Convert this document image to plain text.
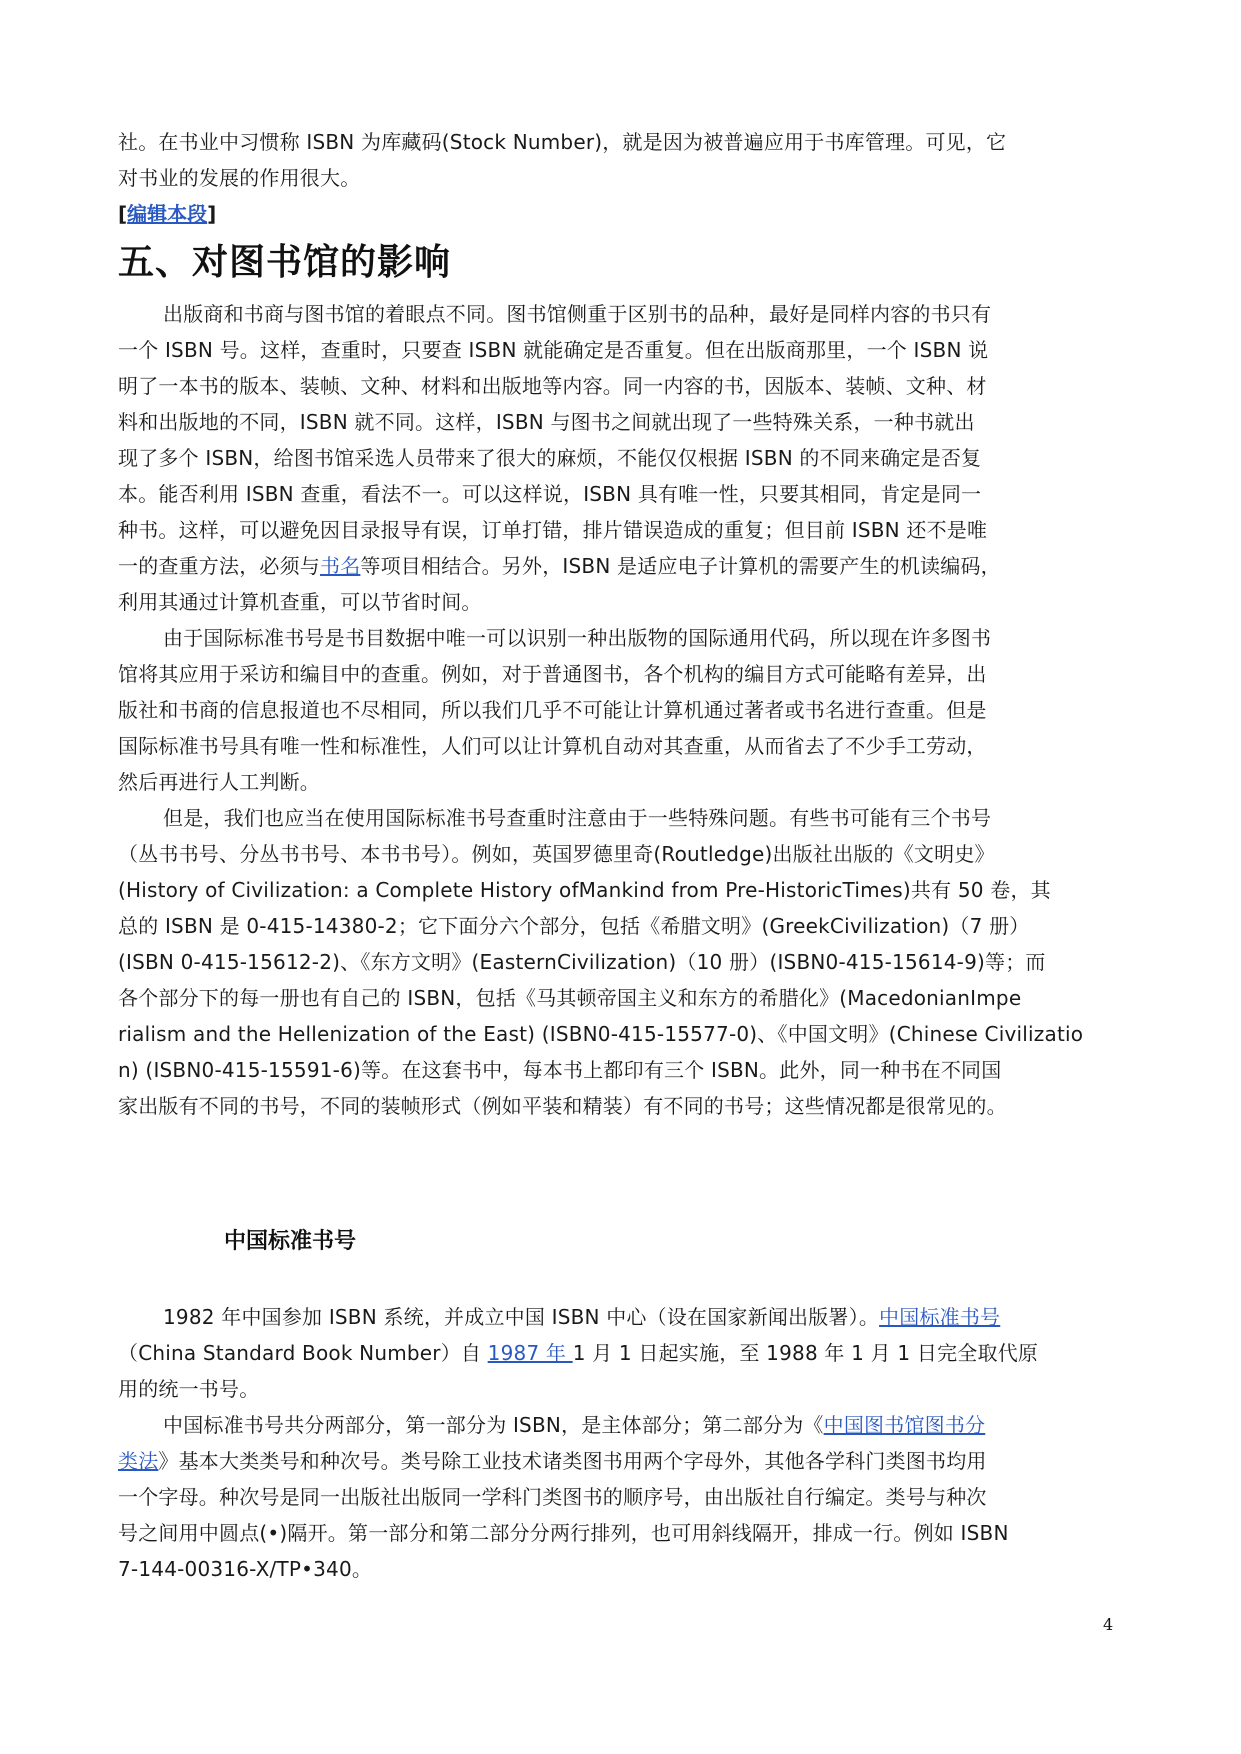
社。在书业中习惯称 ISBN 为库藏码(Stock Number)，就是因为被普遍应用于书库管理。可见，它

对书业的发展的作用很大。

[编辑本段]
五、对图书馆的影响

出版商和书商与图书馆的着眼点不同。图书馆侧重于区别书的品种，最好是同样内容的书只有

一个 ISBN 号。这样，查重时，只要查 ISBN 就能确定是否重复。但在出版商那里，一个 ISBN 说

明了一本书的版本、装帧、文种、材料和出版地等内容。同一内容的书，因版本、装帧、文种、材

料和出版地的不同，ISBN 就不同。这样，ISBN 与图书之间就出现了一些特殊关系，一种书就出

现了多个 ISBN，给图书馆采选人员带来了很大的麻烦，不能仅仅根据 ISBN 的不同来确定是否复

本。能否利用 ISBN 查重，看法不一。可以这样说，ISBN 具有唯一性，只要其相同，肯定是同一

种书。这样，可以避免因目录报导有误，订单打错，排片错误造成的重复；但目前 ISBN 还不是唯

一的查重方法，必须与书名等项目相结合。另外，ISBN 是适应电子计算机的需要产生的机读编码，

利用其通过计算机查重，可以节省时间。

由于国际标准书号是书目数据中唯一可以识别一种出版物的国际通用代码，所以现在许多图书

馆将其应用于采访和编目中的查重。例如，对于普通图书，各个机构的编目方式可能略有差异，出

版社和书商的信息报道也不尽相同，所以我们几乎不可能让计算机通过著者或书名进行查重。但是

国际标准书号具有唯一性和标准性，人们可以让计算机自动对其查重，从而省去了不少手工劳动，

然后再进行人工判断。

但是，我们也应当在使用国际标准书号查重时注意由于一些特殊问题。有些书可能有三个书号

（丛书书号、分丛书书号、本书书号）。例如，英国罗德里奇(Routledge)出版社出版的《文明史》

(History of Civilization: a Complete History ofMankind from Pre-HistoricTimes)共有 50 卷，其

总的 ISBN 是 0-415-14380-2；它下面分六个部分，包括《希腊文明》(GreekCivilization)（7 册）

(ISBN 0-415-15612-2)、《东方文明》(EasternCivilization)（10 册）(ISBN0-415-15614-9)等；而

各个部分下的每一册也有自己的 ISBN，包括《马其顿帝国主义和东方的希腊化》(MacedonianImpe

rialism and the Hellenization of the East) (ISBN0-415-15577-0)、《中国文明》(Chinese Civilizatio

n) (ISBN0-415-15591-6)等。在这套书中，每本书上都印有三个 ISBN。此外，同一种书在不同国

家出版有不同的书号，不同的装帧形式（例如平装和精装）有不同的书号；这些情况都是很常见的。

中国标准书号

1982 年中国参加 ISBN 系统，并成立中国 ISBN 中心（设在国家新闻出版署）。中国标准书号

（China Standard Book Number）自 1987 年 1 月 1 日起实施，至 1988 年 1 月 1 日完全取代原

用的统一书号。

中国标准书号共分两部分，第一部分为 ISBN，是主体部分；第二部分为《中国图书馆图书分

类法》基本大类类号和种次号。类号除工业技术诸类图书用两个字母外，其他各学科门类图书均用

一个字母。种次号是同一出版社出版同一学科门类图书的顺序号，由出版社自行编定。类号与种次

号之间用中圆点(•)隔开。第一部分和第二部分分两行排列，也可用斜线隔开，排成一行。例如 ISBN

7-144-00316-X/TP•340。

4
